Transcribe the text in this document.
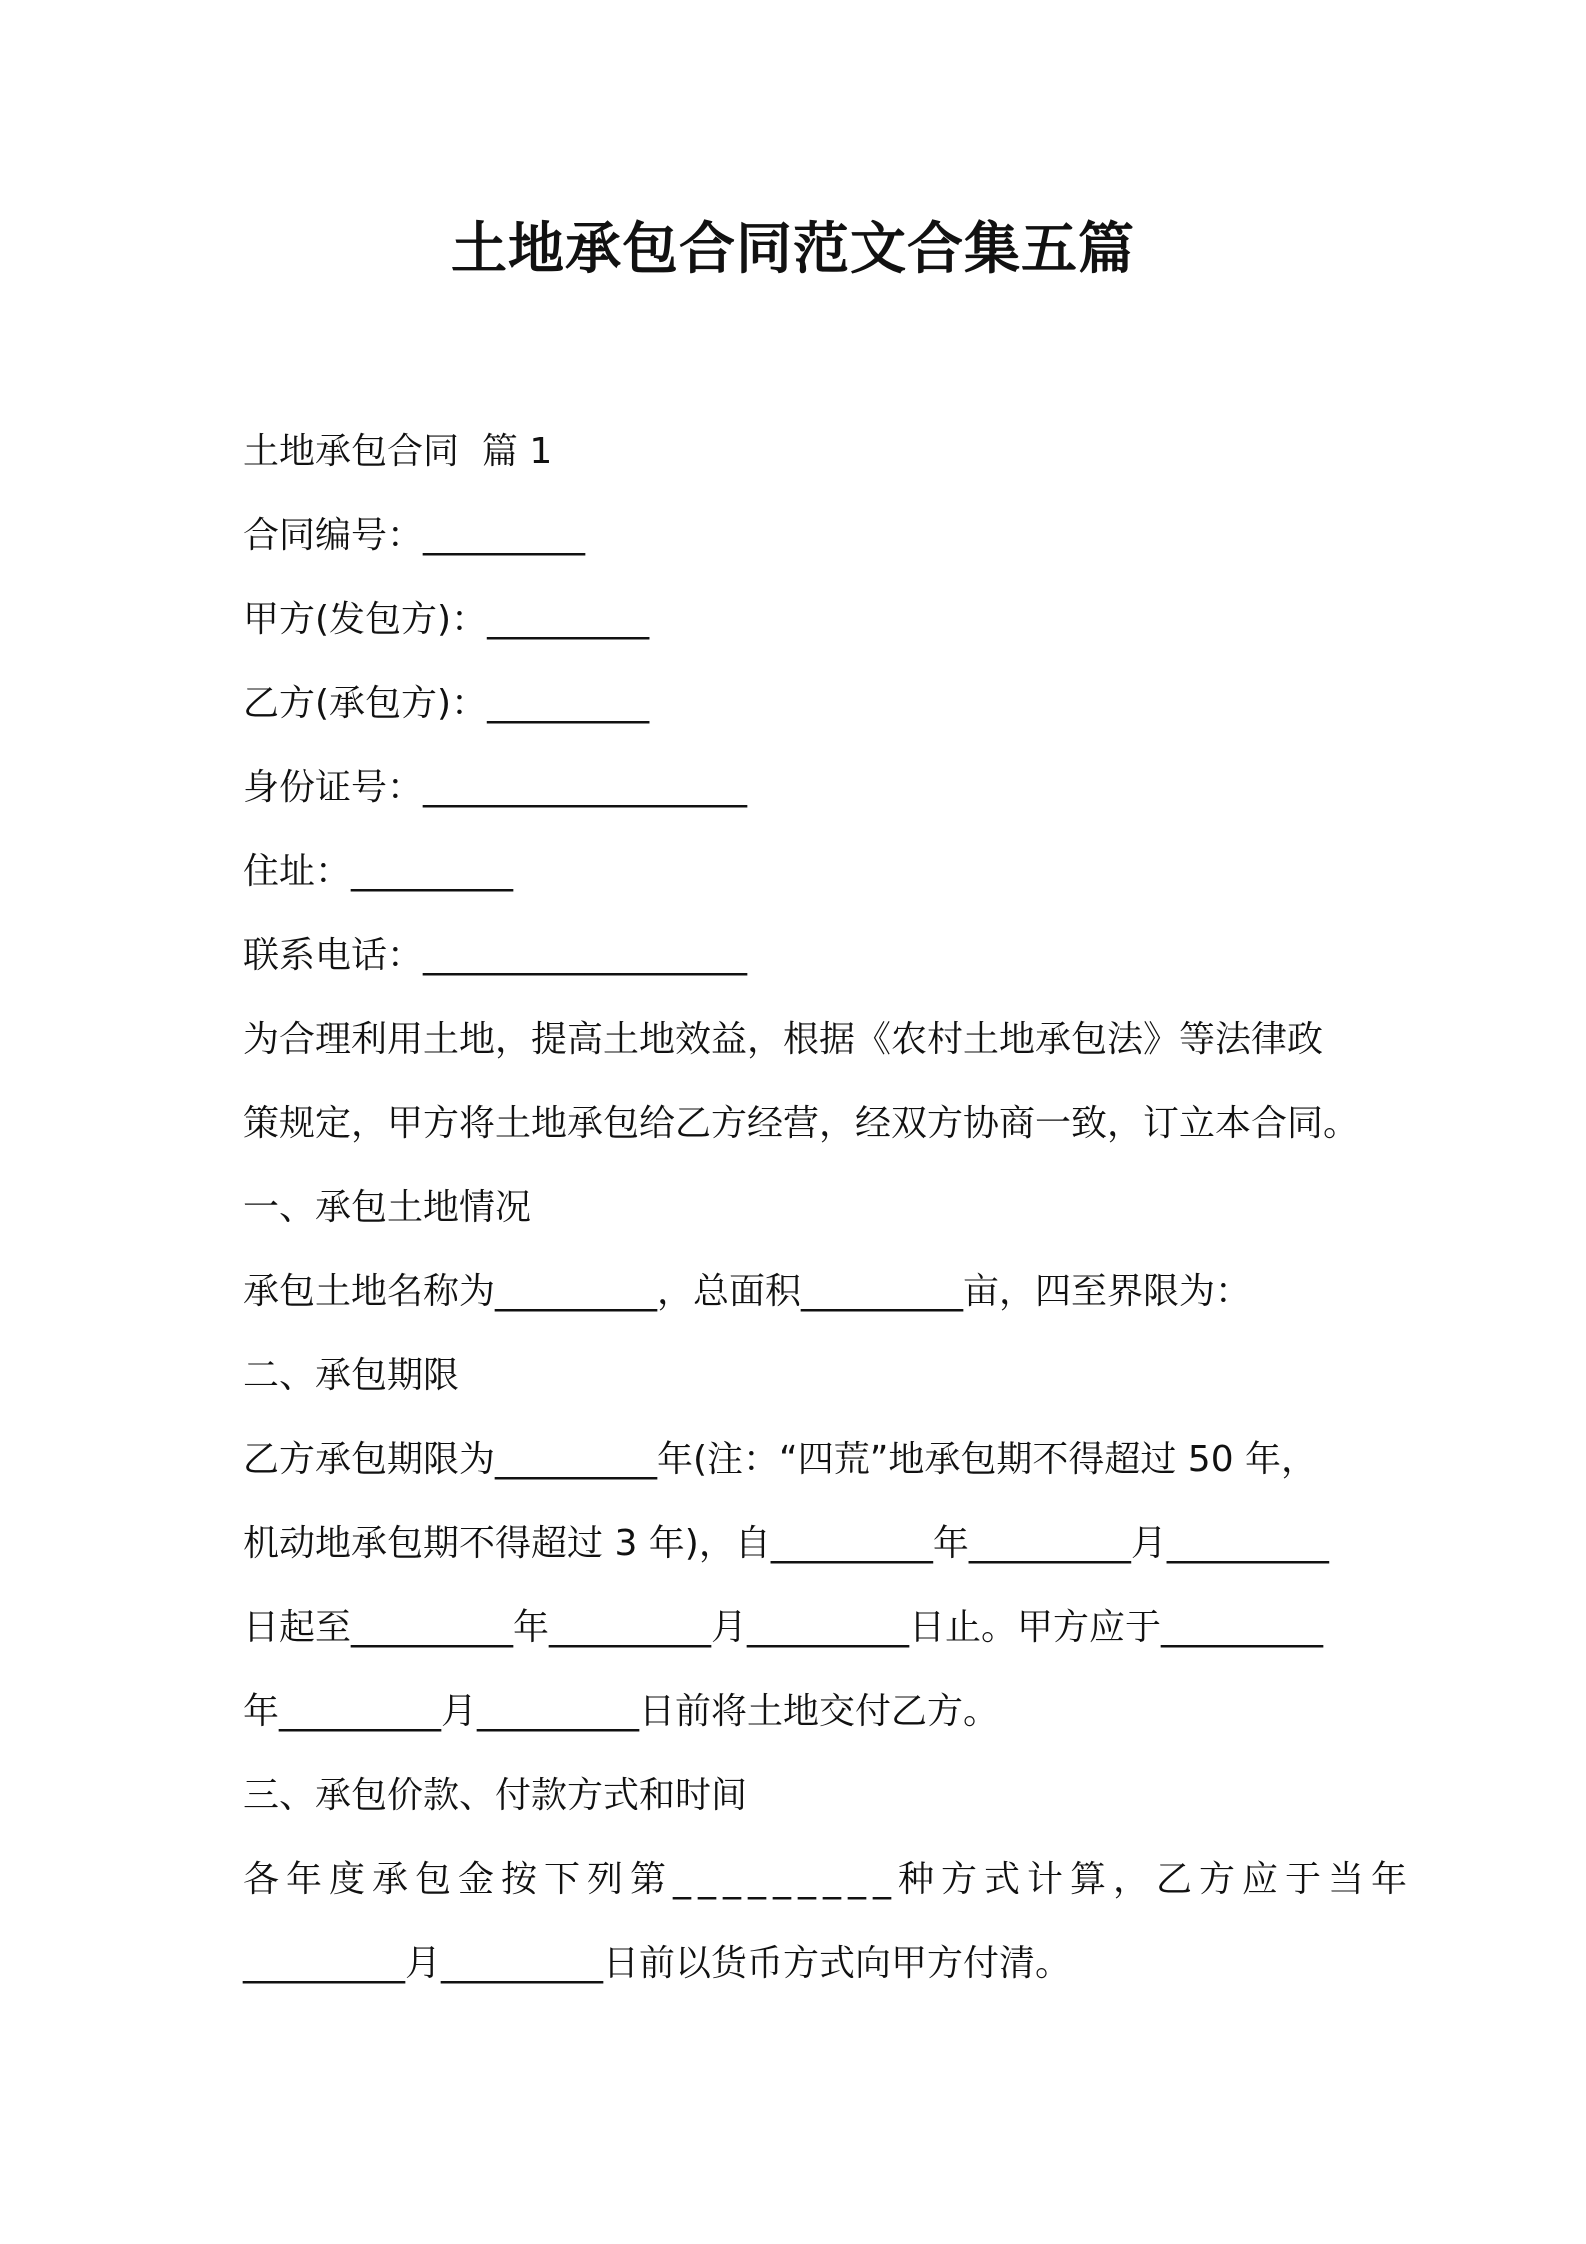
土地承包合同范文合集五篇
土地承包合同  篇 1
合同编号：_________
甲方(发包方)：_________
乙方(承包方)：_________
身份证号：__________________
住址：_________
联系电话：__________________
为合理利用土地，提高土地效益，根据《农村土地承包法》等法律政
策规定，甲方将土地承包给乙方经营，经双方协商一致，订立本合同。
一、承包土地情况
承包土地名称为_________，总面积_________亩，四至界限为：
二、承包期限
乙方承包期限为_________年(注：“四荒”地承包期不得超过 50 年，
机动地承包期不得超过 3 年)，自_________年_________月_________
日起至_________年_________月_________日止。甲方应于_________
年_________月_________日前将土地交付乙方。
三、承包价款、付款方式和时间
各年度承包金按下列第_________种方式计算，乙方应于当年
_________月_________日前以货币方式向甲方付清。
